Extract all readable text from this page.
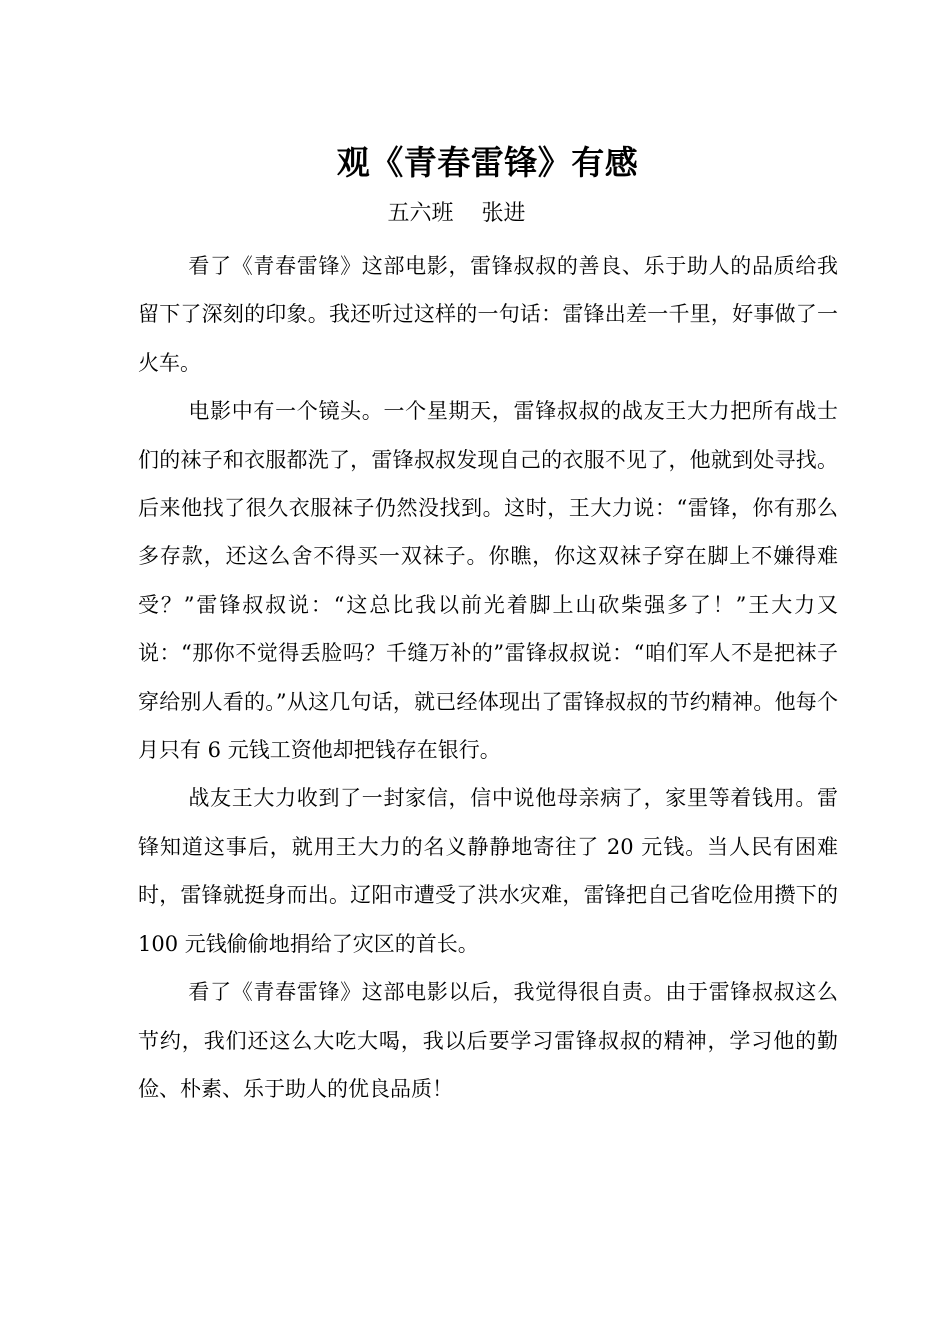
观《青春雷锋》有感
五六班    张进

看了《青春雷锋》这部电影，雷锋叔叔的善良、乐于助人的品质给我留下了深刻的印象。我还听过这样的一句话：雷锋出差一千里，好事做了一火车。

电影中有一个镜头。一个星期天，雷锋叔叔的战友王大力把所有战士们的袜子和衣服都洗了，雷锋叔叔发现自己的衣服不见了，他就到处寻找。后来他找了很久衣服袜子仍然没找到。这时，王大力说：“雷锋，你有那么多存款，还这么舍不得买一双袜子。你瞧，你这双袜子穿在脚上不嫌得难受？”雷锋叔叔说：“这总比我以前光着脚上山砍柴强多了！”王大力又说：“那你不觉得丢脸吗？千缝万补的”雷锋叔叔说：“咱们军人不是把袜子穿给别人看的。”从这几句话，就已经体现出了雷锋叔叔的节约精神。他每个月只有 6 元钱工资他却把钱存在银行。

战友王大力收到了一封家信，信中说他母亲病了，家里等着钱用。雷锋知道这事后，就用王大力的名义静静地寄往了 20 元钱。当人民有困难时，雷锋就挺身而出。辽阳市遭受了洪水灾难，雷锋把自己省吃俭用攒下的 100 元钱偷偷地捐给了灾区的首长。

看了《青春雷锋》这部电影以后，我觉得很自责。由于雷锋叔叔这么节约，我们还这么大吃大喝，我以后要学习雷锋叔叔的精神，学习他的勤俭、朴素、乐于助人的优良品质！
